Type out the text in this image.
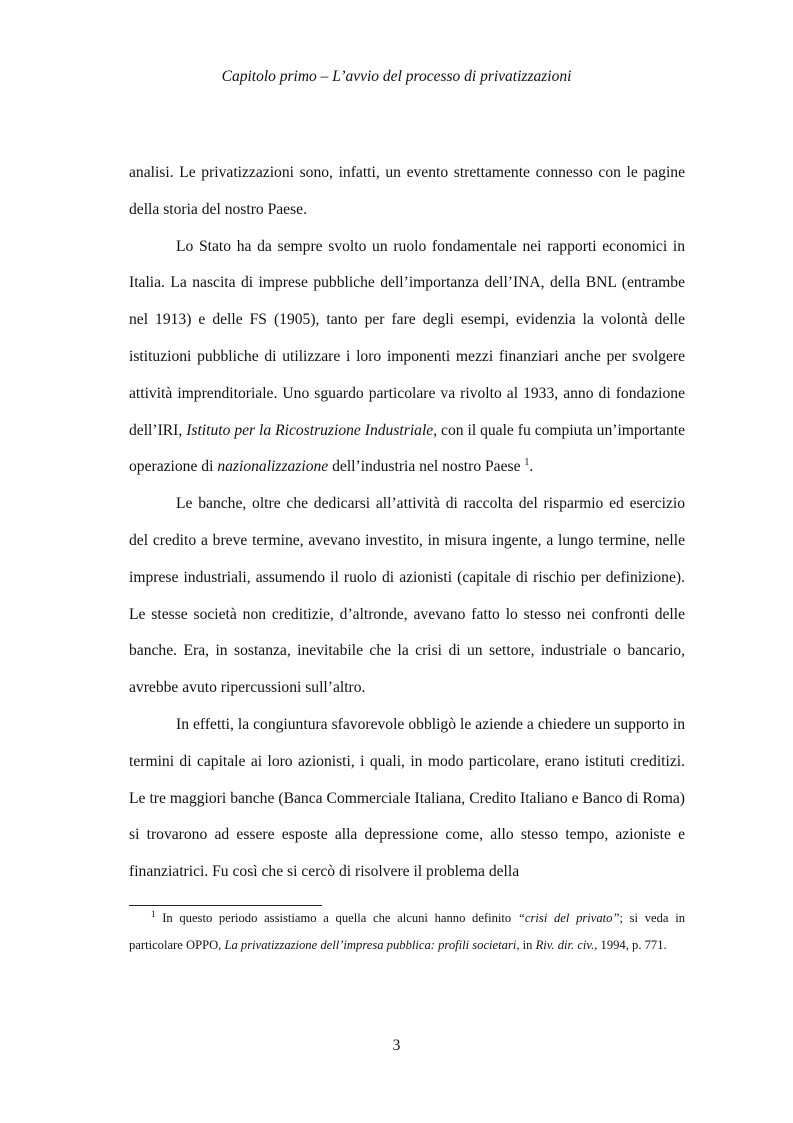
Capitolo primo – L’avvio del processo di privatizzazioni

analisi. Le privatizzazioni sono, infatti, un evento strettamente connesso con le pagine della storia del nostro Paese.

Lo Stato ha da sempre svolto un ruolo fondamentale nei rapporti economici in Italia. La nascita di imprese pubbliche dell’importanza dell’INA, della BNL (entrambe nel 1913) e delle FS (1905), tanto per fare degli esempi, evidenzia la volontà delle istituzioni pubbliche di utilizzare i loro imponenti mezzi finanziari anche per svolgere attività imprenditoriale. Uno sguardo particolare va rivolto al 1933, anno di fondazione dell’IRI, Istituto per la Ricostruzione Industriale, con il quale fu compiuta un’importante operazione di nazionalizzazione dell’industria nel nostro Paese $^1$.

Le banche, oltre che dedicarsi all’attività di raccolta del risparmio ed esercizio del credito a breve termine, avevano investito, in misura ingente, a lungo termine, nelle imprese industriali, assumendo il ruolo di azionisti (capitale di rischio per definizione). Le stesse società non creditizie, d’altronde, avevano fatto lo stesso nei confronti delle banche. Era, in sostanza, inevitabile che la crisi di un settore, industriale o bancario, avrebbe avuto ripercussioni sull’altro.

In effetti, la congiuntura sfavorevole obbligò le aziende a chiedere un supporto in termini di capitale ai loro azionisti, i quali, in modo particolare, erano istituti creditizi. Le tre maggiori banche (Banca Commerciale Italiana, Credito Italiano e Banco di Roma) si trovarono ad essere esposte alla depressione come, allo stesso tempo, azioniste e finanziatrici. Fu così che si cercò di risolvere il problema della

$^1$ In questo periodo assistiamo a quella che alcuni hanno definito “crisi del privato”; si veda in particolare OPPO, La privatizzazione dell’impresa pubblica: profili societari, in Riv. dir. civ., 1994, p. 771.

3
